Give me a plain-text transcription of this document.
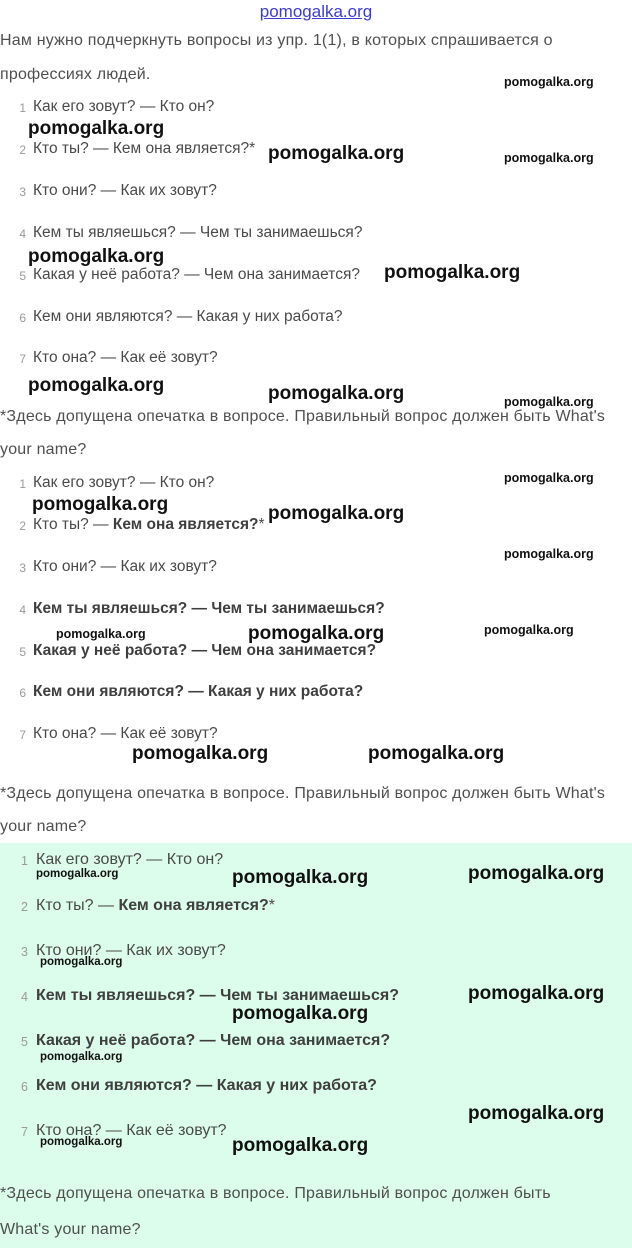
pomogalka.org
Нам нужно подчеркнуть вопросы из упр. 1(1), в которых спрашивается о
профессиях людей.
1 Как его зовут? — Кто он?
2 Кто ты? — Кем она является?*
3 Кто они? — Как их зовут?
4 Кем ты являешься? — Чем ты занимаешься?
5 Какая у неё работа? — Чем она занимается?
6 Кем они являются? — Какая у них работа?
7 Кто она? — Как её зовут?
*Здесь допущена опечатка в вопросе. Правильный вопрос должен быть What's
your name?
1 Как его зовут? — Кто он?
2 Кто ты? — Кем она является?*
3 Кто они? — Как их зовут?
4 Кем ты являешься? — Чем ты занимаешься?
5 Какая у неё работа? — Чем она занимается?
6 Кем они являются? — Какая у них работа?
7 Кто она? — Как её зовут?
*Здесь допущена опечатка в вопросе. Правильный вопрос должен быть What's
your name?
1 Как его зовут? — Кто он?
2 Кто ты? — Кем она является?*
3 Кто они? — Как их зовут?
4 Кем ты являешься? — Чем ты занимаешься?
5 Какая у неё работа? — Чем она занимается?
6 Кем они являются? — Какая у них работа?
7 Кто она? — Как её зовут?
*Здесь допущена опечатка в вопросе. Правильный вопрос должен быть
What's your name?
pomogalka.org
pomogalka.org
pomogalka.org
pomogalka.org
pomogalka.org	pomogalka.org
pomogalka.org	pomogalka.org
pomogalka.org
pomogalka.org	pomogalka.org
pomogalka.org	pomogalka.org
pomogalka.org
pomogalka.org
pomogalka.org
pomogalka.org
pomogalka.org
pomogalka.org
pomogalka.org
pomogalka.org
pomogalka.org
pomogalka.org	pomogalka.org
pomogalka.org
pomogalka.org
pomogalka.org
pomogalka.org
